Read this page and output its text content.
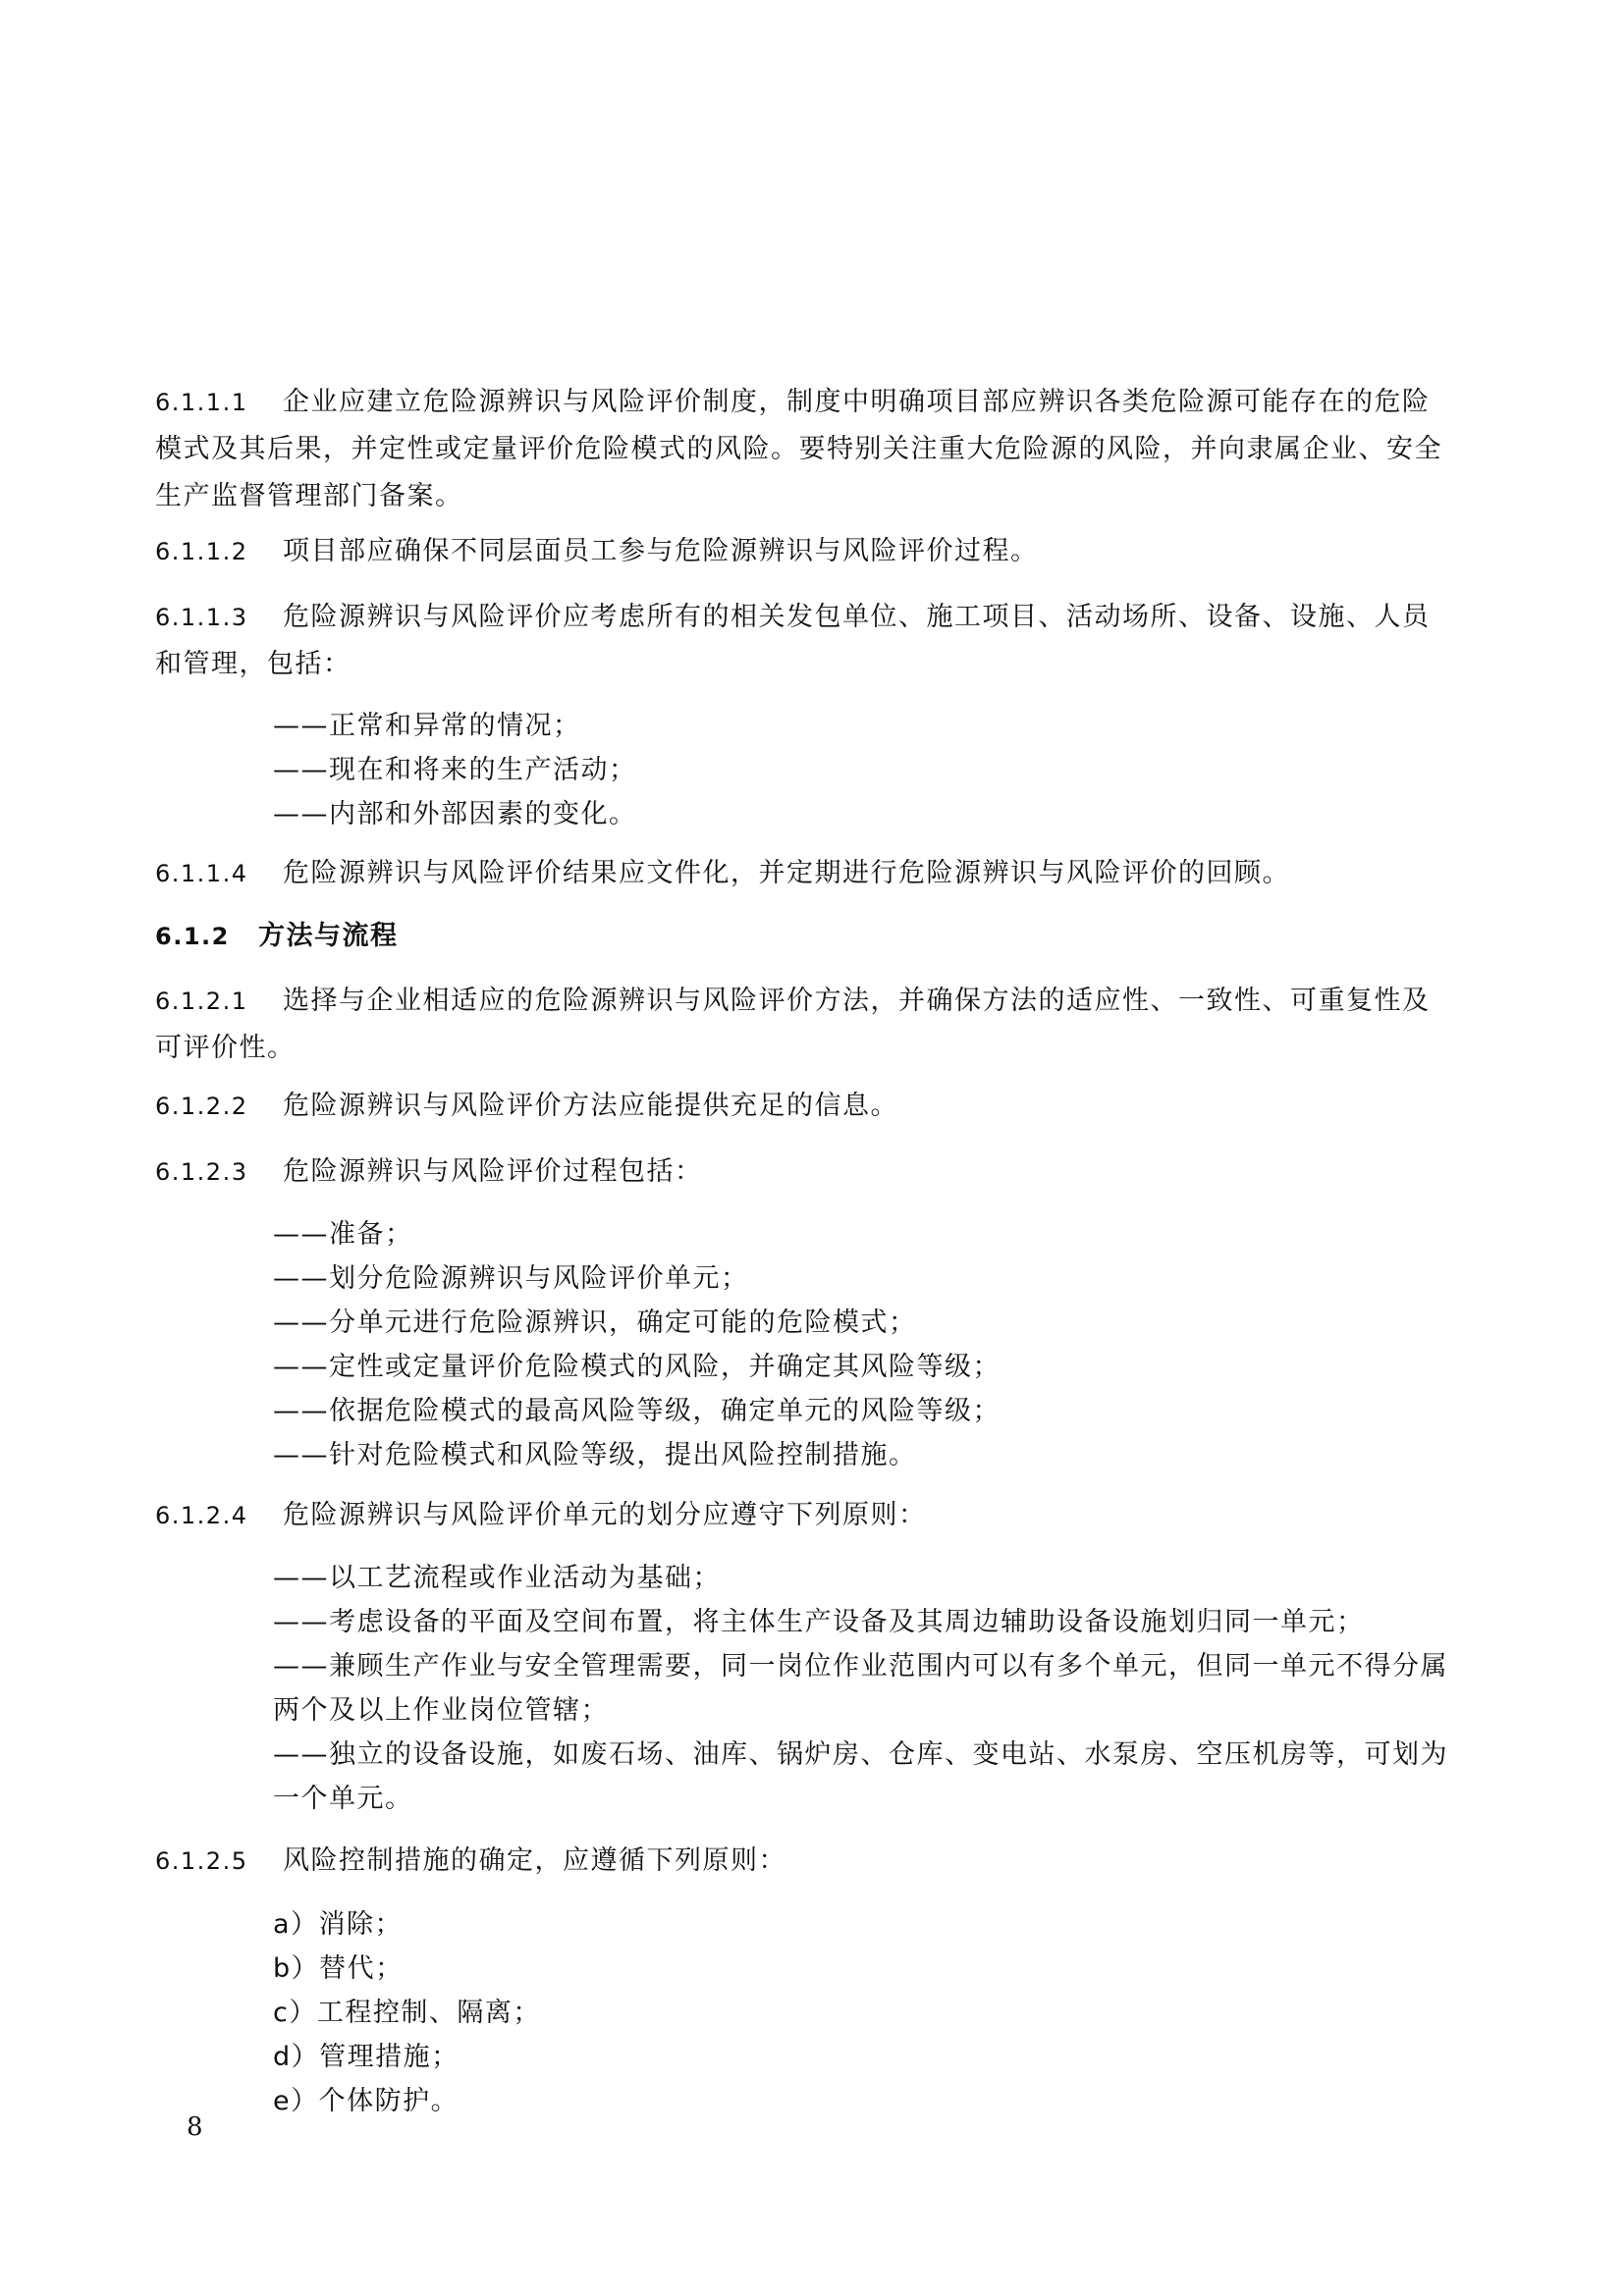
6.1.1.1 企业应建立危险源辨识与风险评价制度，制度中明确项目部应辨识各类危险源可能存在的危险模式及其后果，并定性或定量评价危险模式的风险。要特别关注重大危险源的风险，并向隶属企业、安全生产监督管理部门备案。
6.1.1.2 项目部应确保不同层面员工参与危险源辨识与风险评价过程。
6.1.1.3 危险源辨识与风险评价应考虑所有的相关发包单位、施工项目、活动场所、设备、设施、人员和管理，包括：
——正常和异常的情况；
——现在和将来的生产活动；
——内部和外部因素的变化。
6.1.1.4 危险源辨识与风险评价结果应文件化，并定期进行危险源辨识与风险评价的回顾。
6.1.2 方法与流程
6.1.2.1 选择与企业相适应的危险源辨识与风险评价方法，并确保方法的适应性、一致性、可重复性及可评价性。
6.1.2.2 危险源辨识与风险评价方法应能提供充足的信息。
6.1.2.3 危险源辨识与风险评价过程包括：
——准备；
——划分危险源辨识与风险评价单元；
——分单元进行危险源辨识，确定可能的危险模式；
——定性或定量评价危险模式的风险，并确定其风险等级；
——依据危险模式的最高风险等级，确定单元的风险等级；
——针对危险模式和风险等级，提出风险控制措施。
6.1.2.4 危险源辨识与风险评价单元的划分应遵守下列原则：
——以工艺流程或作业活动为基础；
——考虑设备的平面及空间布置，将主体生产设备及其周边辅助设备设施划归同一单元；
——兼顾生产作业与安全管理需要，同一岗位作业范围内可以有多个单元，但同一单元不得分属两个及以上作业岗位管辖；
——独立的设备设施，如废石场、油库、锅炉房、仓库、变电站、水泵房、空压机房等，可划为一个单元。
6.1.2.5 风险控制措施的确定，应遵循下列原则：
a）消除；
b）替代；
c）工程控制、隔离；
d）管理措施；
e）个体防护。
8
